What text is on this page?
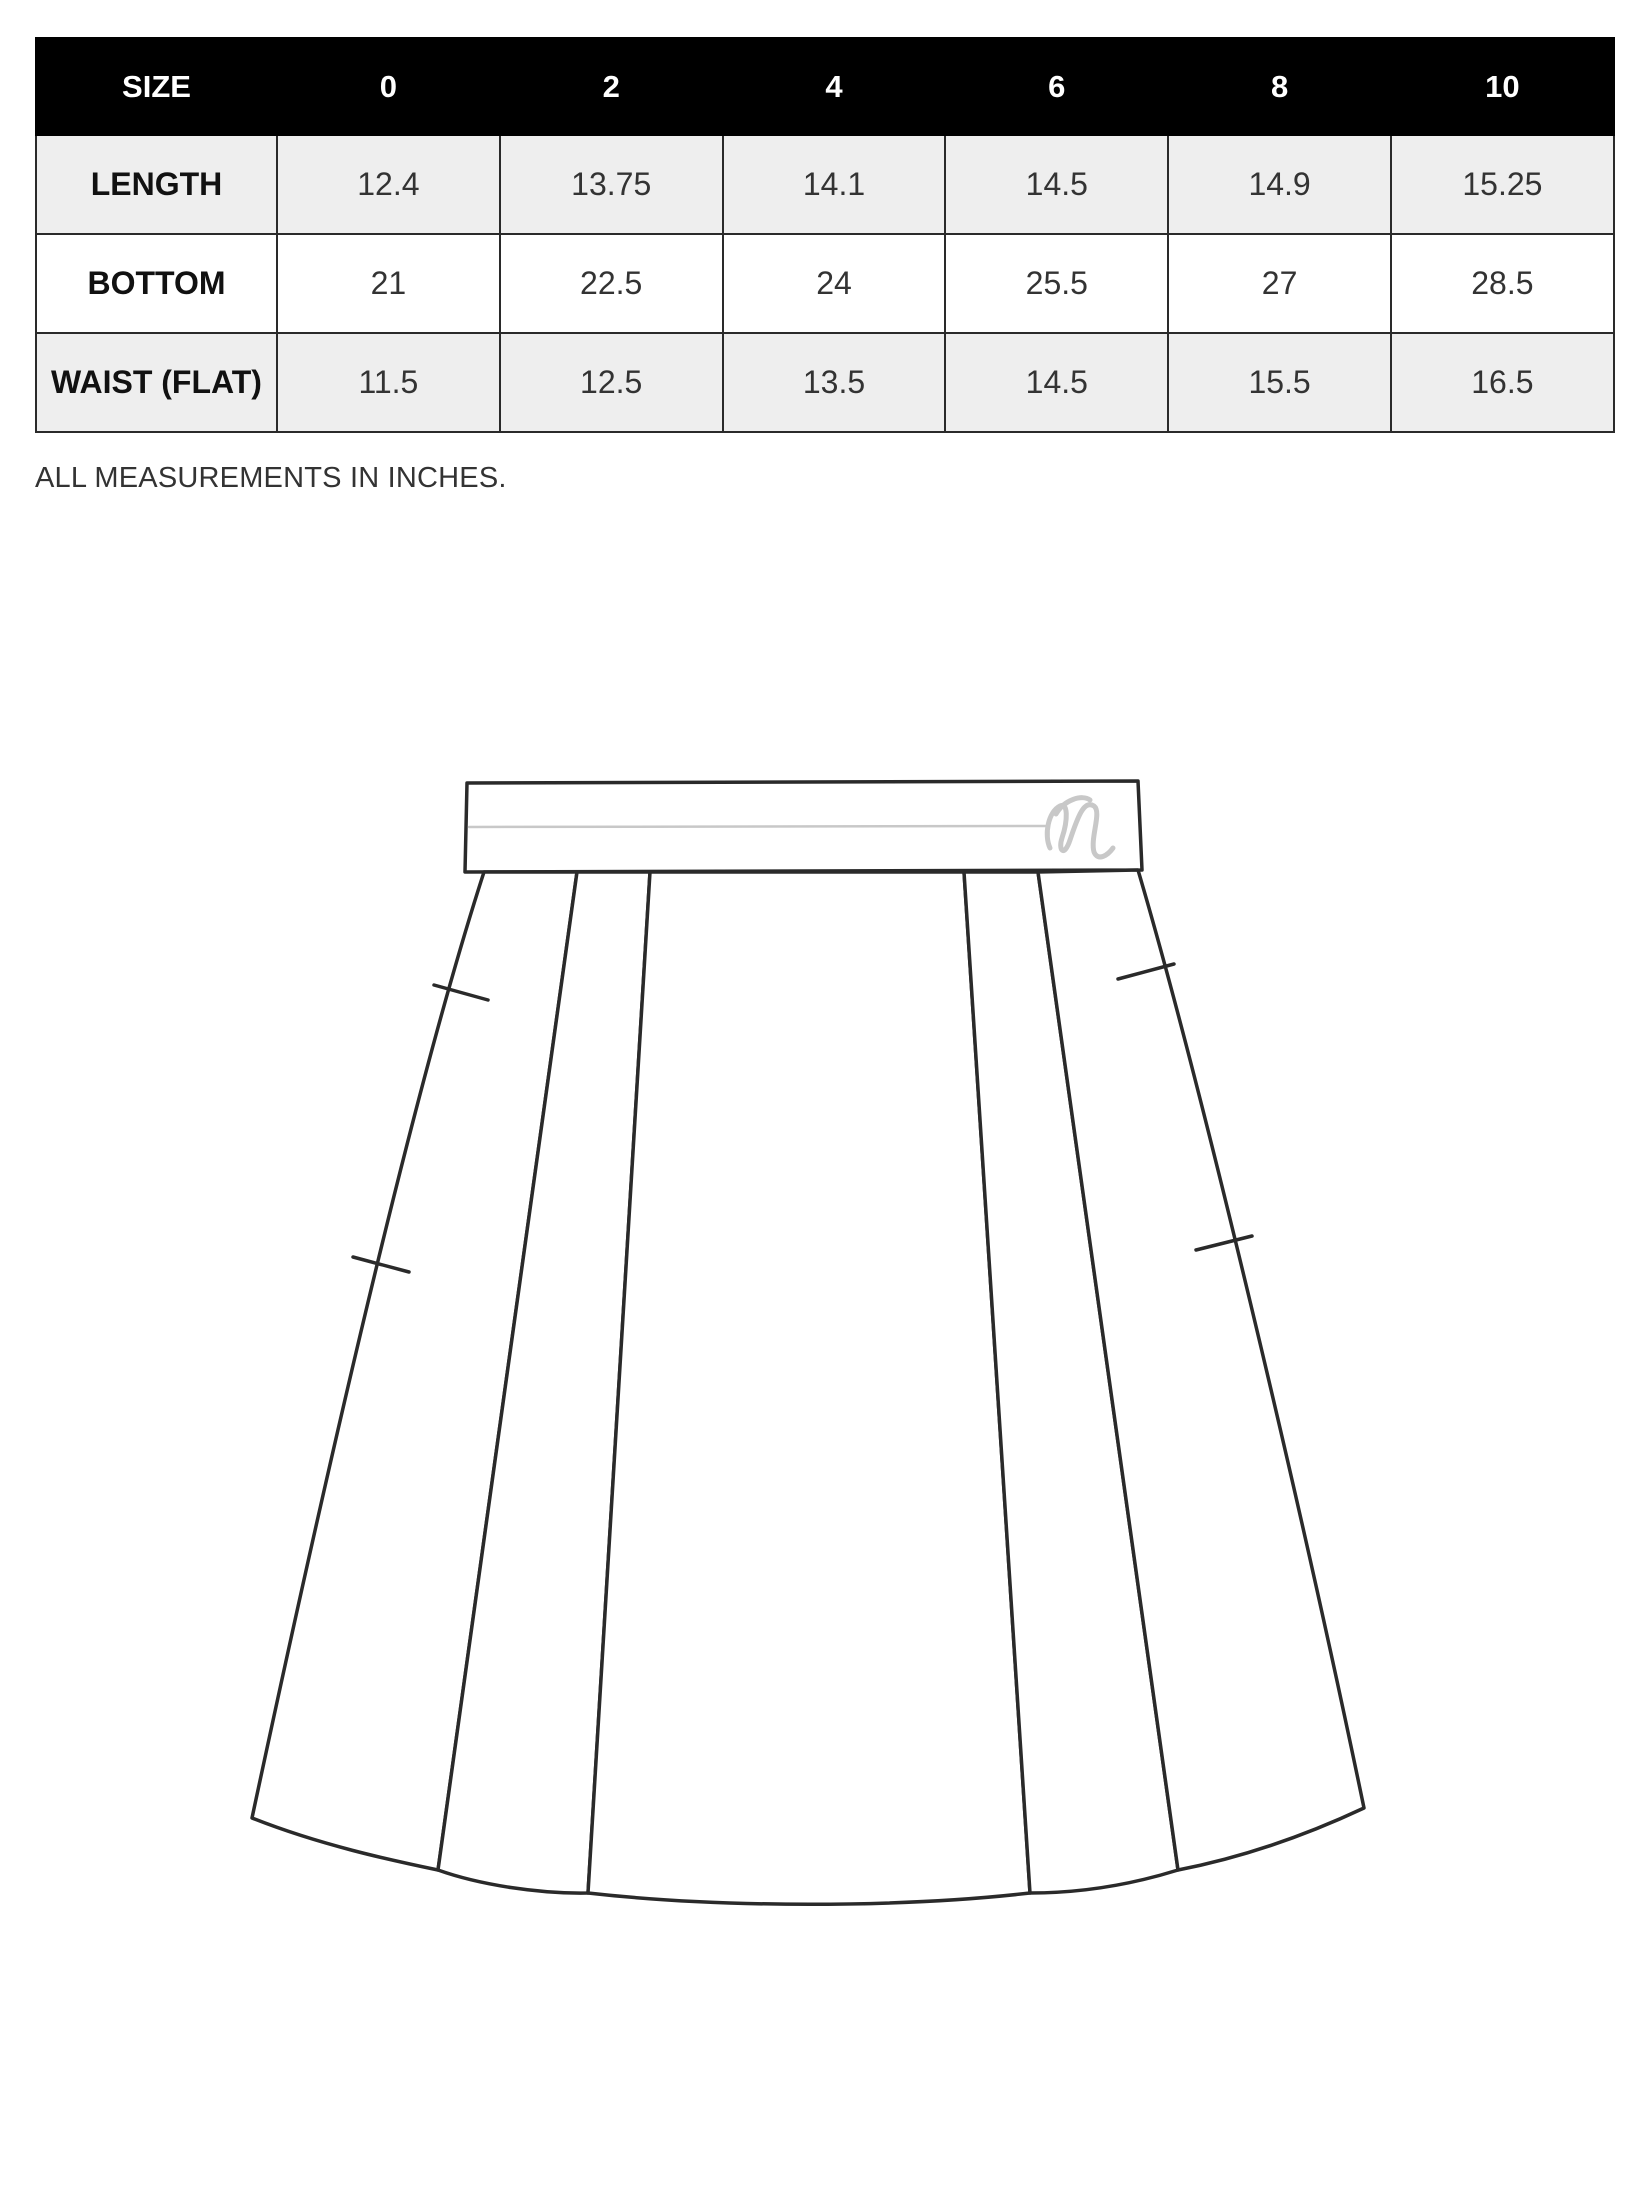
SIZE	0	2	4	6	8	10
LENGTH	12.4	13.75	14.1	14.5	14.9	15.25
BOTTOM	21	22.5	24	25.5	27	28.5
WAIST (FLAT)	11.5	12.5	13.5	14.5	15.5	16.5
ALL MEASUREMENTS IN INCHES.
